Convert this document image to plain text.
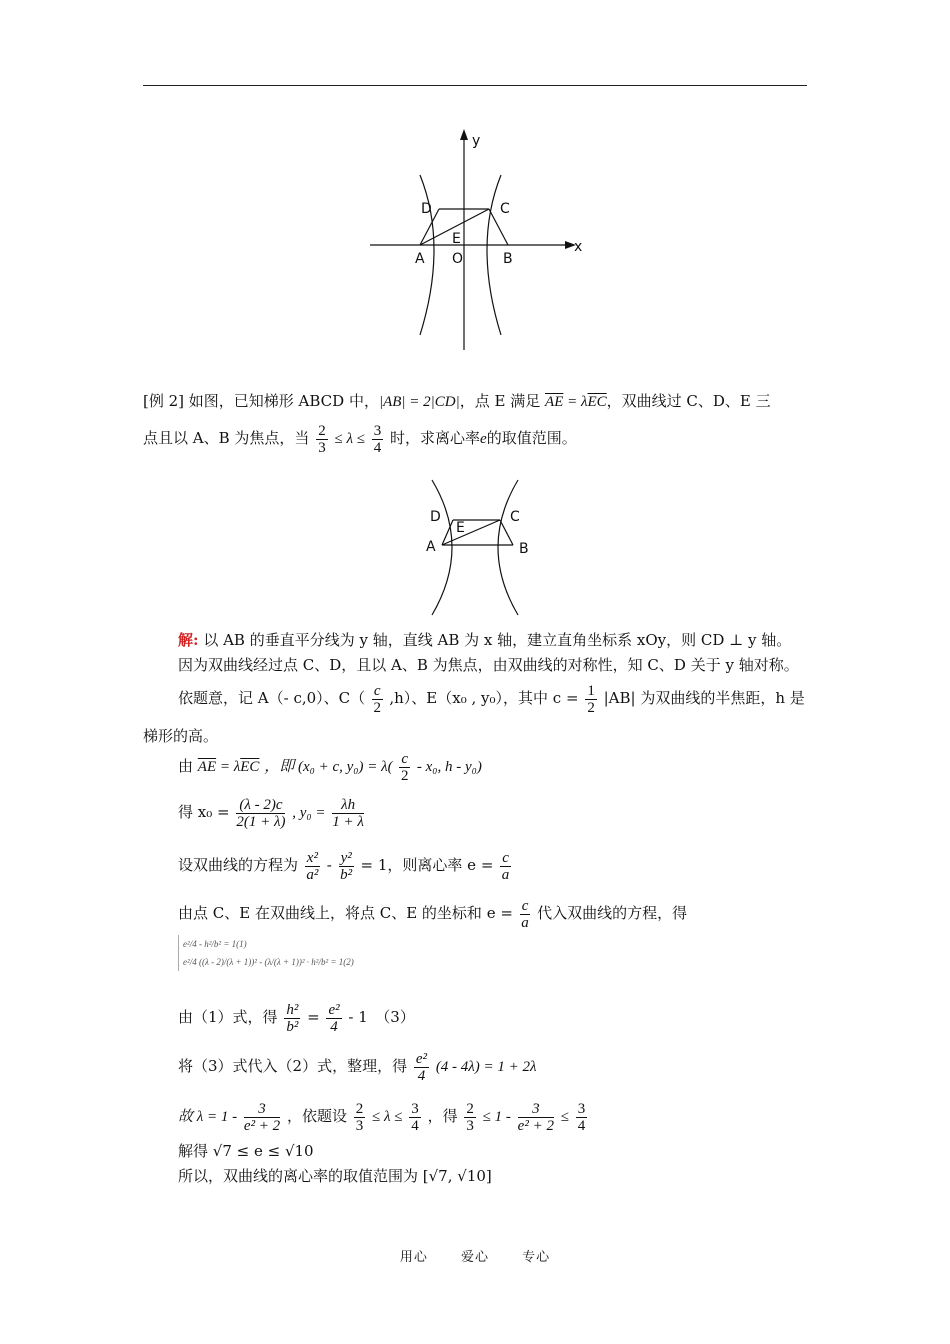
y
x
D	C
E
A O	B
[例 2] 如图，已知梯形 ABCD 中，|AB| = 2|CD|，点 E 满足 $\overline{AE} = \lambda\overline{EC}$，双曲线过 C、D、E 三
点且以 A、B 为焦点，当 $\frac{2}{3} \le \lambda \le \frac{3}{4}$ 时，求离心率e的取值范围。
D
E
C
A	B
解: 以 AB 的垂直平分线为 y 轴，直线 AB 为 x 轴，建立直角坐标系 xOy，则 CD ⊥ y 轴。
因为双曲线经过点 C、D，且以 A、B 为焦点，由双曲线的对称性，知 C、D 关于 y 轴对称。
依题意，记 A（- c,0）、$C( \frac{c}{2} ,h)$、E（x₀ , y₀），其中 $c = \frac{1}{2} |AB|$ 为双曲线的半焦距，h 是
梯形的高。
由 $\overline{AE} = \lambda\overline{EC}$ ，即 (x₀ + c, $y_0) = \lambda( \frac{c}{2} - x_0$, h - y₀)
得 $x_0 = \frac{(\lambda - 2)c}{2(1 + \lambda)}$ , $y_0 = \frac{\lambda h}{1 + \lambda}$
设双曲线的方程为 $\frac{\text{x²}}{\text{a²}} - \frac{\text{y²}}{\text{b²}} = 1$，则离心率 $e = \frac{c}{a}$
由点 C、E 在双曲线上，将点 C、E 的坐标和 $e = \frac{c}{a}$ 代入双曲线的方程，得
e²/4 - h²/b² = 1(1)
e²/4 ((λ - 2)/(λ + 1))² - (λ/(λ + 1))² · h²/b² = 1(2)
由（1）式，得 $\frac{\text{h²}}{\text{b²}} = \frac{\text{e²}}{4} - 1$　（3）
将（3）式代入（2）式，整理，得 $\frac{\text{e²}}{4} (4 - 4\lambda) = 1 + 2\lambda$
故 $\lambda = 1 - \frac{3}{\text{e² + 2}}$ ，依题设 $\frac{2}{3} \le \lambda \le \frac{3}{4}$ ，得 $\frac{2}{3} \le 1 - \frac{3}{\text{e² + 2}} \le \frac{3}{4}$
解得 √7 ≤ e ≤ √10
所以，双曲线的离心率的取值范围为 [√7, √10]
用心	爱心	专心
